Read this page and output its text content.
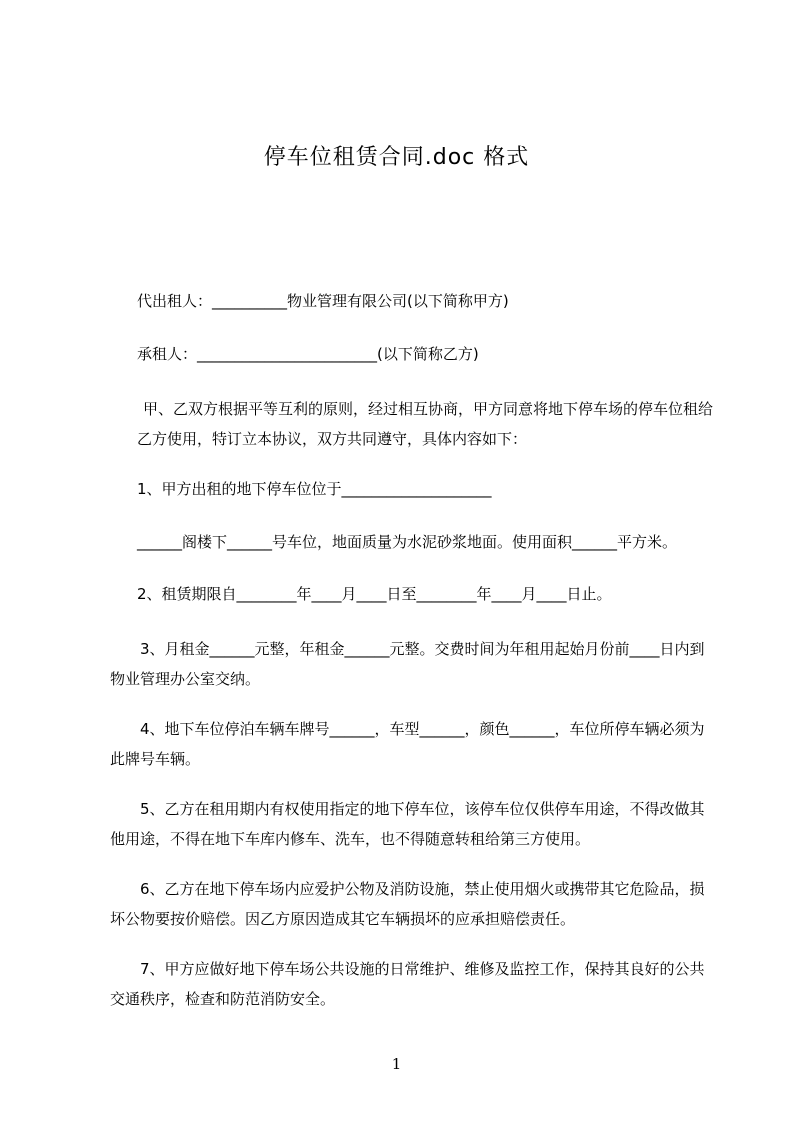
停车位租赁合同.doc 格式
代出租人：__________物业管理有限公司(以下简称甲方)
承租人：________________________(以下简称乙方)
甲、乙双方根据平等互利的原则，经过相互协商，甲方同意将地下停车场的停车位租给乙方使用，特订立本协议，双方共同遵守，具体内容如下：
1、甲方出租的地下停车位位于____________________
______阁楼下______号车位，地面质量为水泥砂浆地面。使用面积______平方米。
2、租赁期限自________年____月____日至________年____月____日止。
3、月租金______元整，年租金______元整。交费时间为年租用起始月份前____日内到物业管理办公室交纳。
4、地下车位停泊车辆车牌号______，车型______，颜色______，车位所停车辆必须为此牌号车辆。
5、乙方在租用期内有权使用指定的地下停车位，该停车位仅供停车用途，不得改做其他用途，不得在地下车库内修车、洗车，也不得随意转租给第三方使用。
6、乙方在地下停车场内应爱护公物及消防设施，禁止使用烟火或携带其它危险品，损坏公物要按价赔偿。因乙方原因造成其它车辆损坏的应承担赔偿责任。
7、甲方应做好地下停车场公共设施的日常维护、维修及监控工作，保持其良好的公共交通秩序，检查和防范消防安全。
1
